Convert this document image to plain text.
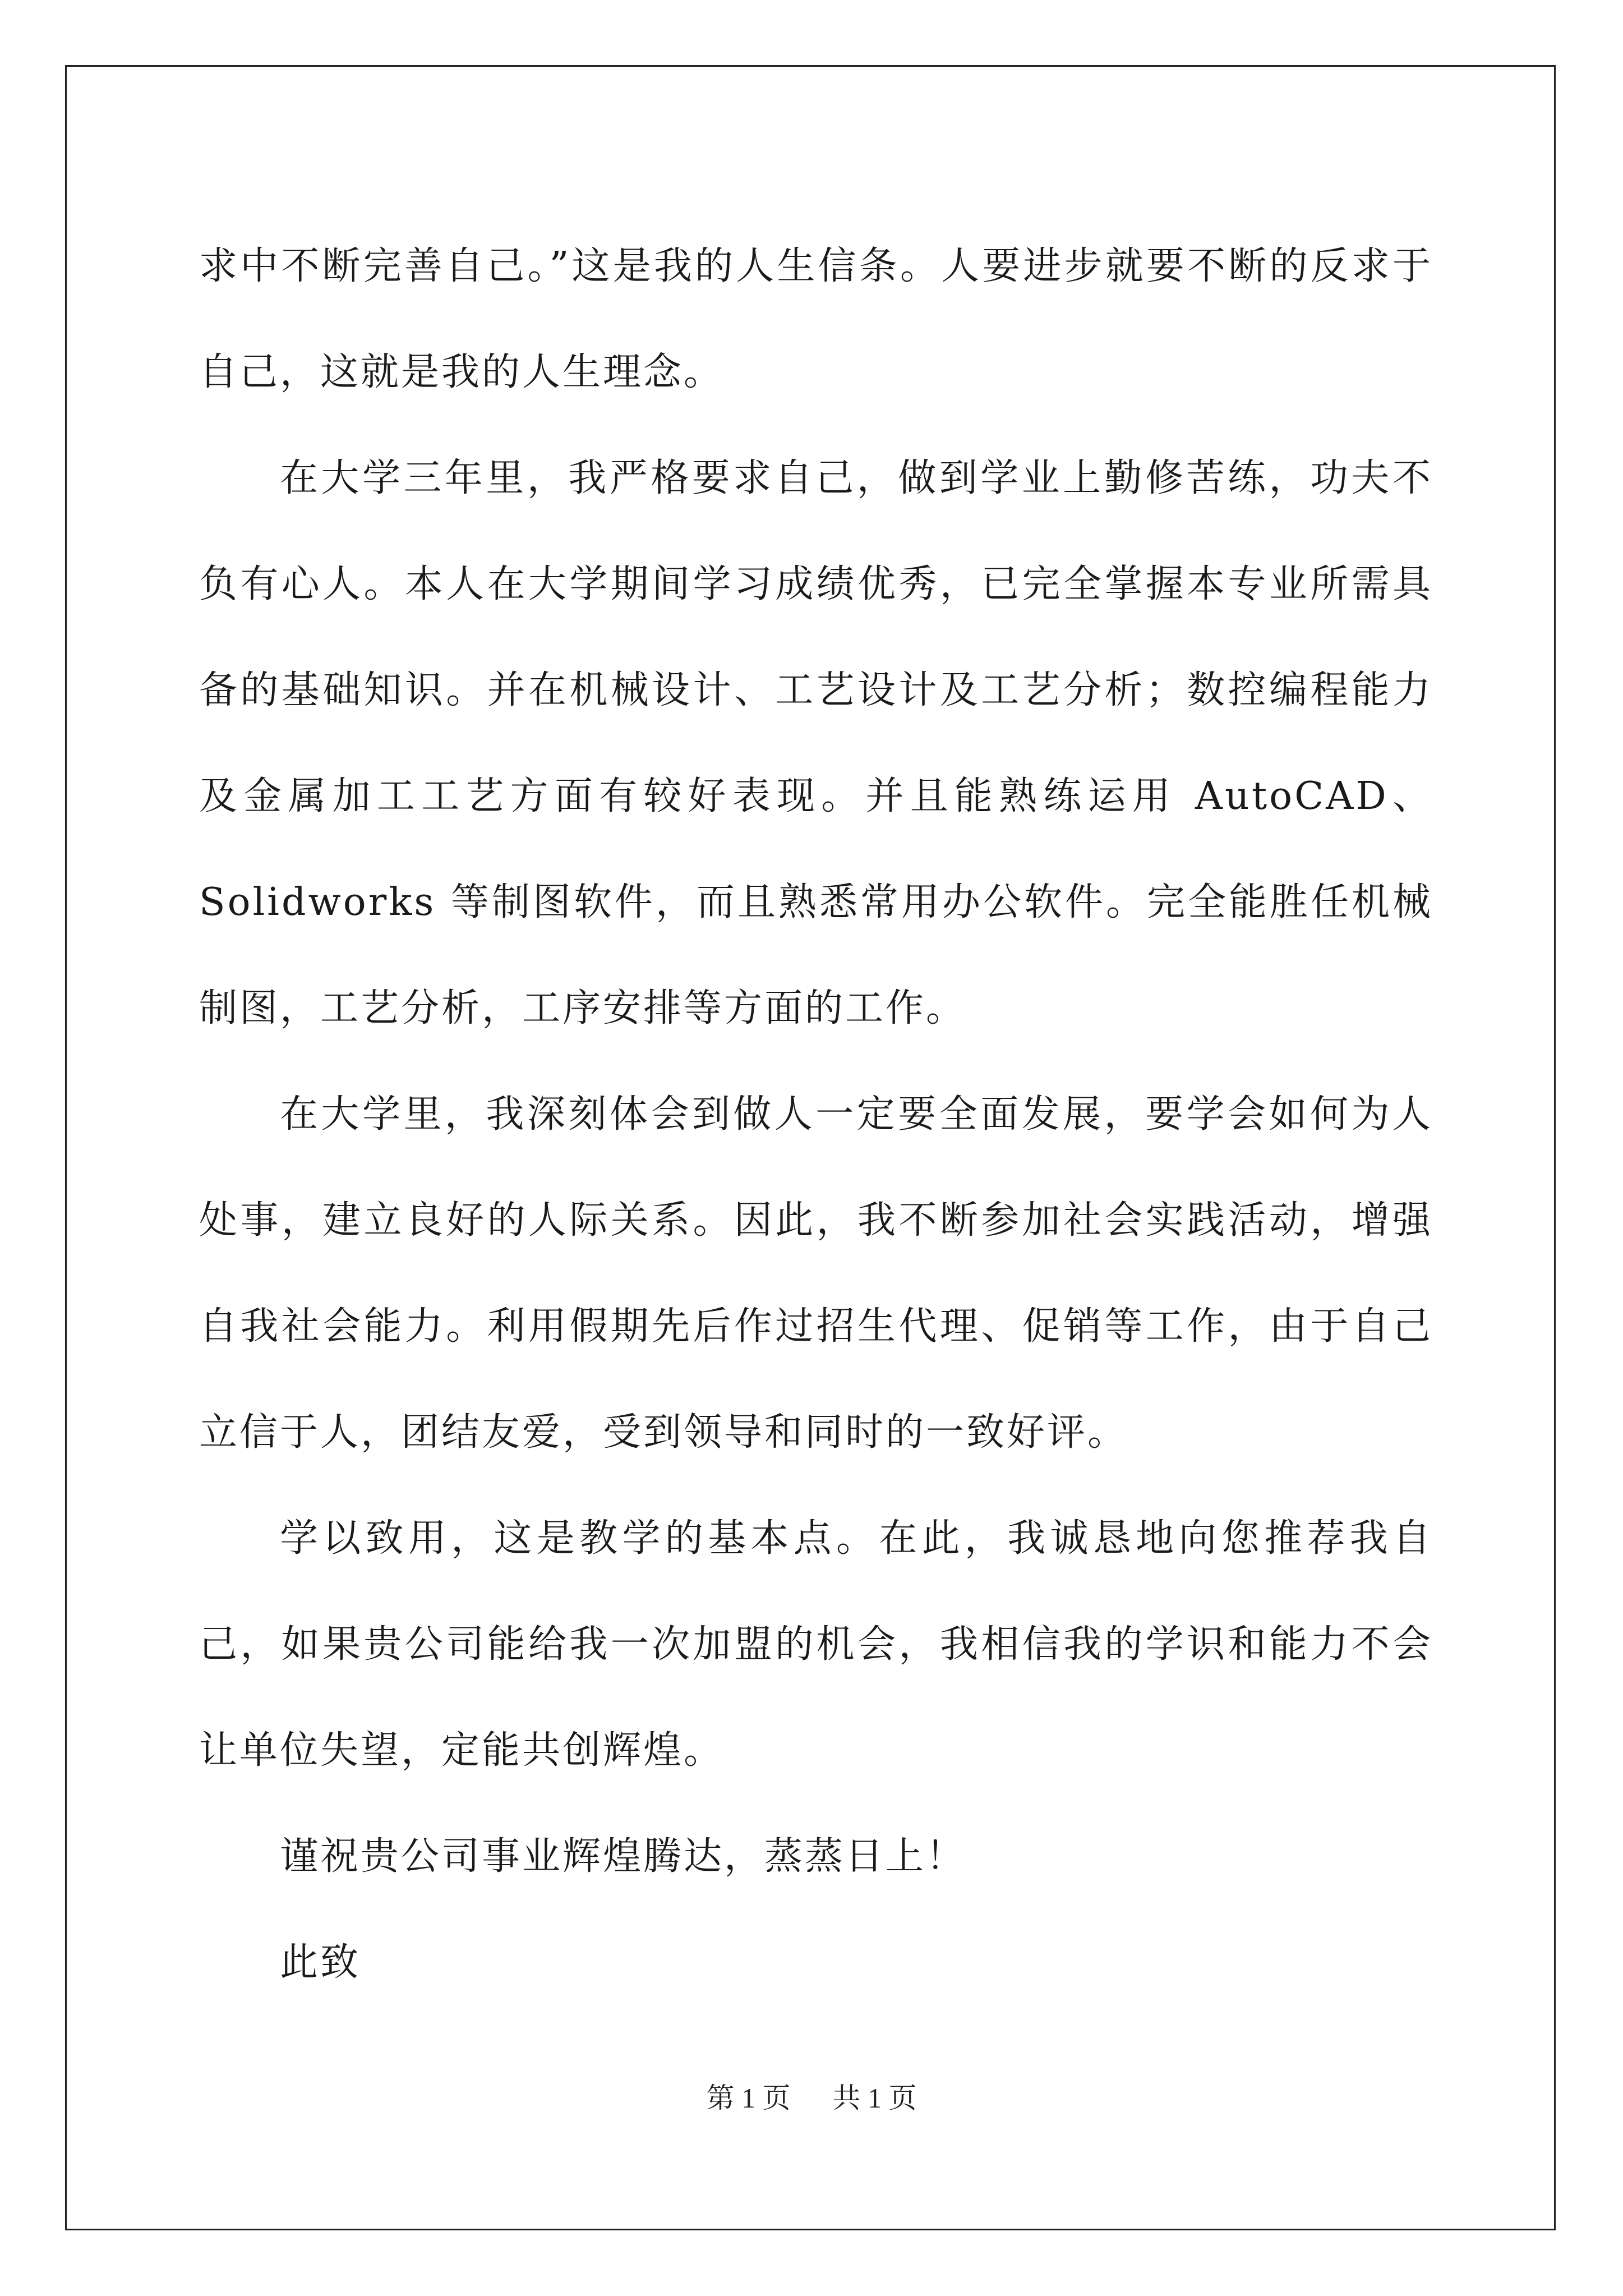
求中不断完善自己。”这是我的人生信条。人要进步就要不断的反求于自己，这就是我的人生理念。

在大学三年里，我严格要求自己，做到学业上勤修苦练，功夫不负有心人。本人在大学期间学习成绩优秀，已完全掌握本专业所需具备的基础知识。并在机械设计、工艺设计及工艺分析；数控编程能力及金属加工工艺方面有较好表现。并且能熟练运用 AutoCAD、Solidworks 等制图软件，而且熟悉常用办公软件。完全能胜任机械制图，工艺分析，工序安排等方面的工作。

在大学里，我深刻体会到做人一定要全面发展，要学会如何为人处事，建立良好的人际关系。因此，我不断参加社会实践活动，增强自我社会能力。利用假期先后作过招生代理、促销等工作，由于自己立信于人，团结友爱，受到领导和同时的一致好评。

学以致用，这是教学的基本点。在此，我诚恳地向您推荐我自己，如果贵公司能给我一次加盟的机会，我相信我的学识和能力不会让单位失望，定能共创辉煌。

谨祝贵公司事业辉煌腾达，蒸蒸日上！

此致

第 1 页 共 1 页
